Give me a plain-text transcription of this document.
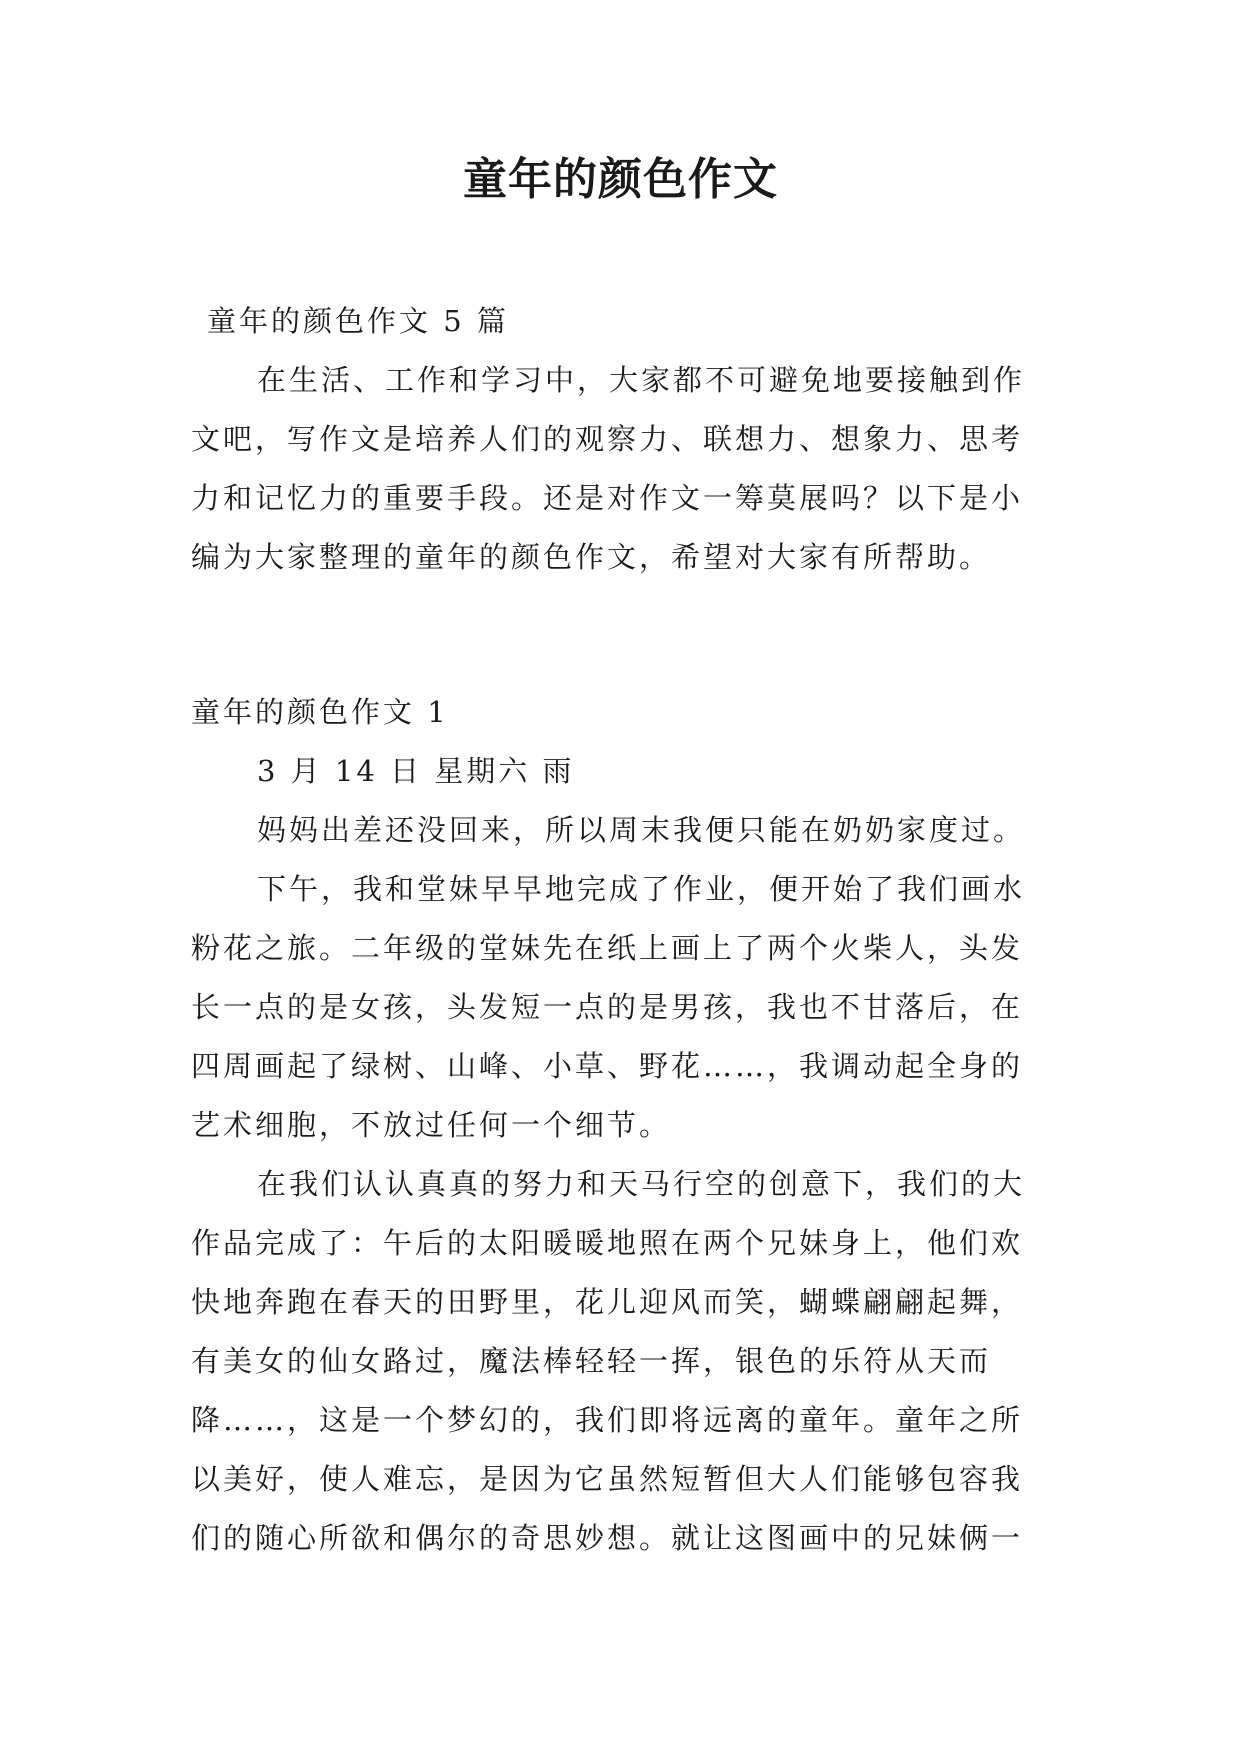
童年的颜色作文

童年的颜色作文 5 篇

在生活、工作和学习中，大家都不可避免地要接触到作

文吧，写作文是培养人们的观察力、联想力、想象力、思考

力和记忆力的重要手段。还是对作文一筹莫展吗？以下是小

编为大家整理的童年的颜色作文，希望对大家有所帮助。

童年的颜色作文 1

3 月 14 日 星期六 雨

妈妈出差还没回来，所以周末我便只能在奶奶家度过。

下午，我和堂妹早早地完成了作业，便开始了我们画水

粉花之旅。二年级的堂妹先在纸上画上了两个火柴人，头发

长一点的是女孩，头发短一点的是男孩，我也不甘落后，在

四周画起了绿树、山峰、小草、野花……，我调动起全身的

艺术细胞，不放过任何一个细节。

在我们认认真真的努力和天马行空的创意下，我们的大

作品完成了：午后的太阳暖暖地照在两个兄妹身上，他们欢

快地奔跑在春天的田野里，花儿迎风而笑，蝴蝶翩翩起舞，

有美女的仙女路过，魔法棒轻轻一挥，银色的乐符从天而

降……，这是一个梦幻的，我们即将远离的童年。童年之所

以美好，使人难忘，是因为它虽然短暂但大人们能够包容我

们的随心所欲和偶尔的奇思妙想。就让这图画中的兄妹俩一
